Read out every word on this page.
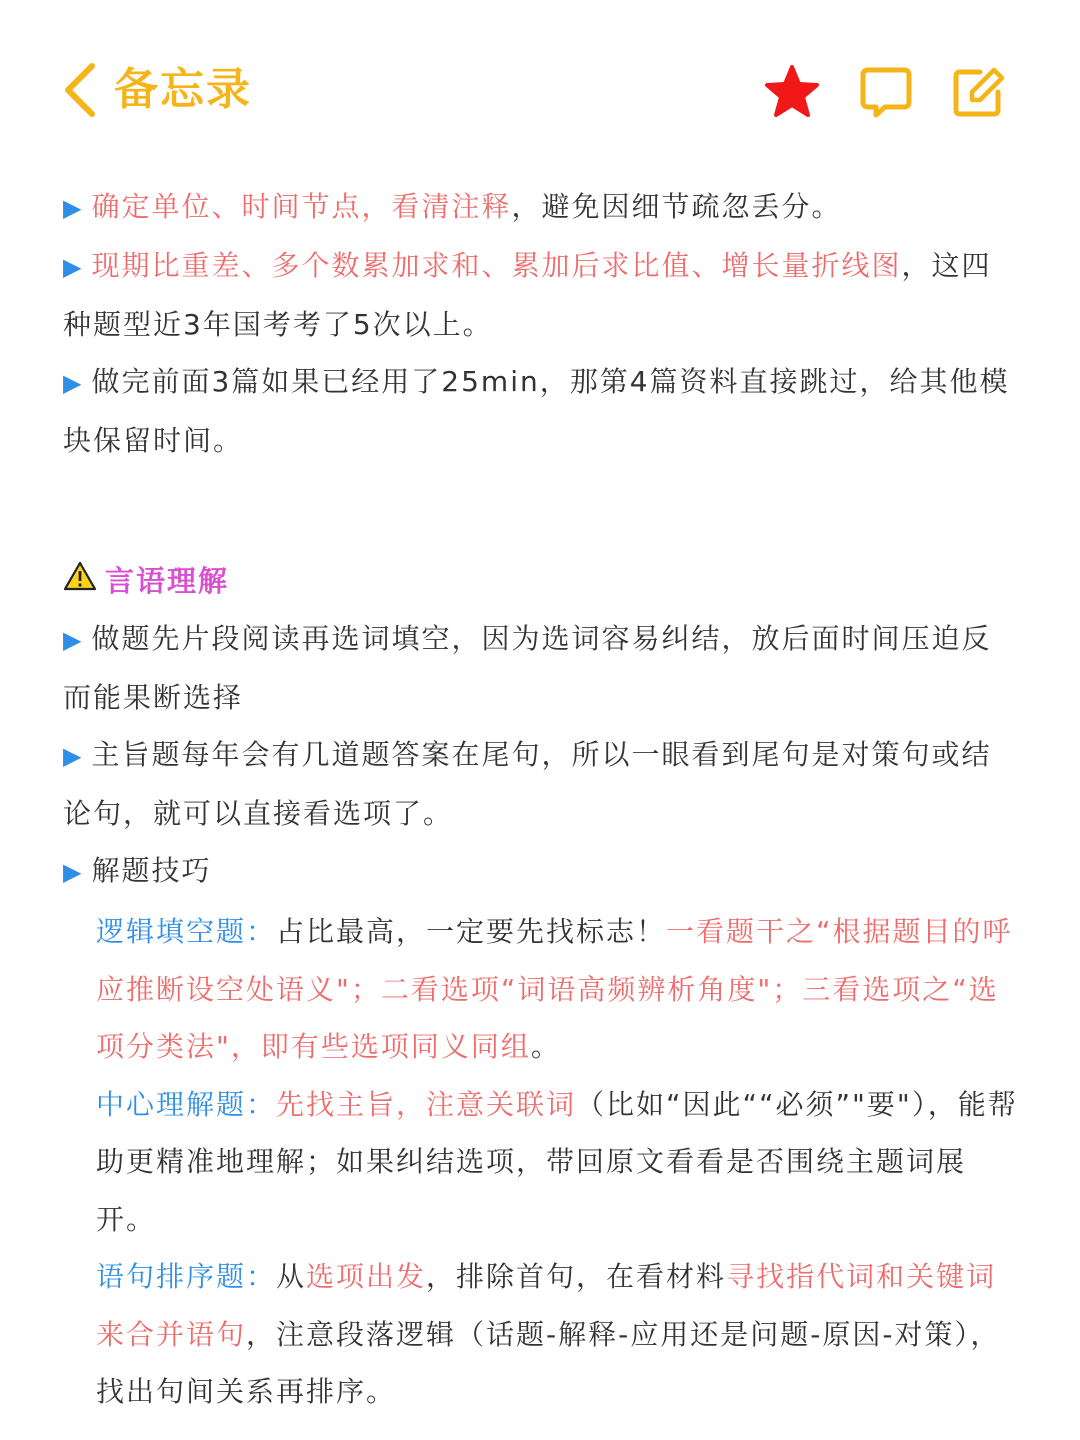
备忘录

▶ 确定单位、时间节点，看清注释，避免因细节疏忽丢分。

▶ 现期比重差、多个数累加求和、累加后求比值、增长量折线图，这四种题型近3年国考考了5次以上。

▶ 做完前面3篇如果已经用了25min，那第4篇资料直接跳过，给其他模块保留时间。

言语理解

▶ 做题先片段阅读再选词填空，因为选词容易纠结，放后面时间压迫反而能果断选择

▶ 主旨题每年会有几道题答案在尾句，所以一眼看到尾句是对策句或结论句，就可以直接看选项了。

▶ 解题技巧

逻辑填空题：占比最高，一定要先找标志！一看题干之“根据题目的呼应推断设空处语义"；二看选项“词语高频辨析角度"；三看选项之“选项分类法"，即有些选项同义同组。

中心理解题：先找主旨，注意关联词（比如“因此““必须”"要"），能帮助更精准地理解；如果纠结选项，带回原文看看是否围绕主题词展开。

语句排序题：从选项出发，排除首句，在看材料寻找指代词和关键词来合并语句，注意段落逻辑（话题-解释-应用还是问题-原因-对策），找出句间关系再排序。
